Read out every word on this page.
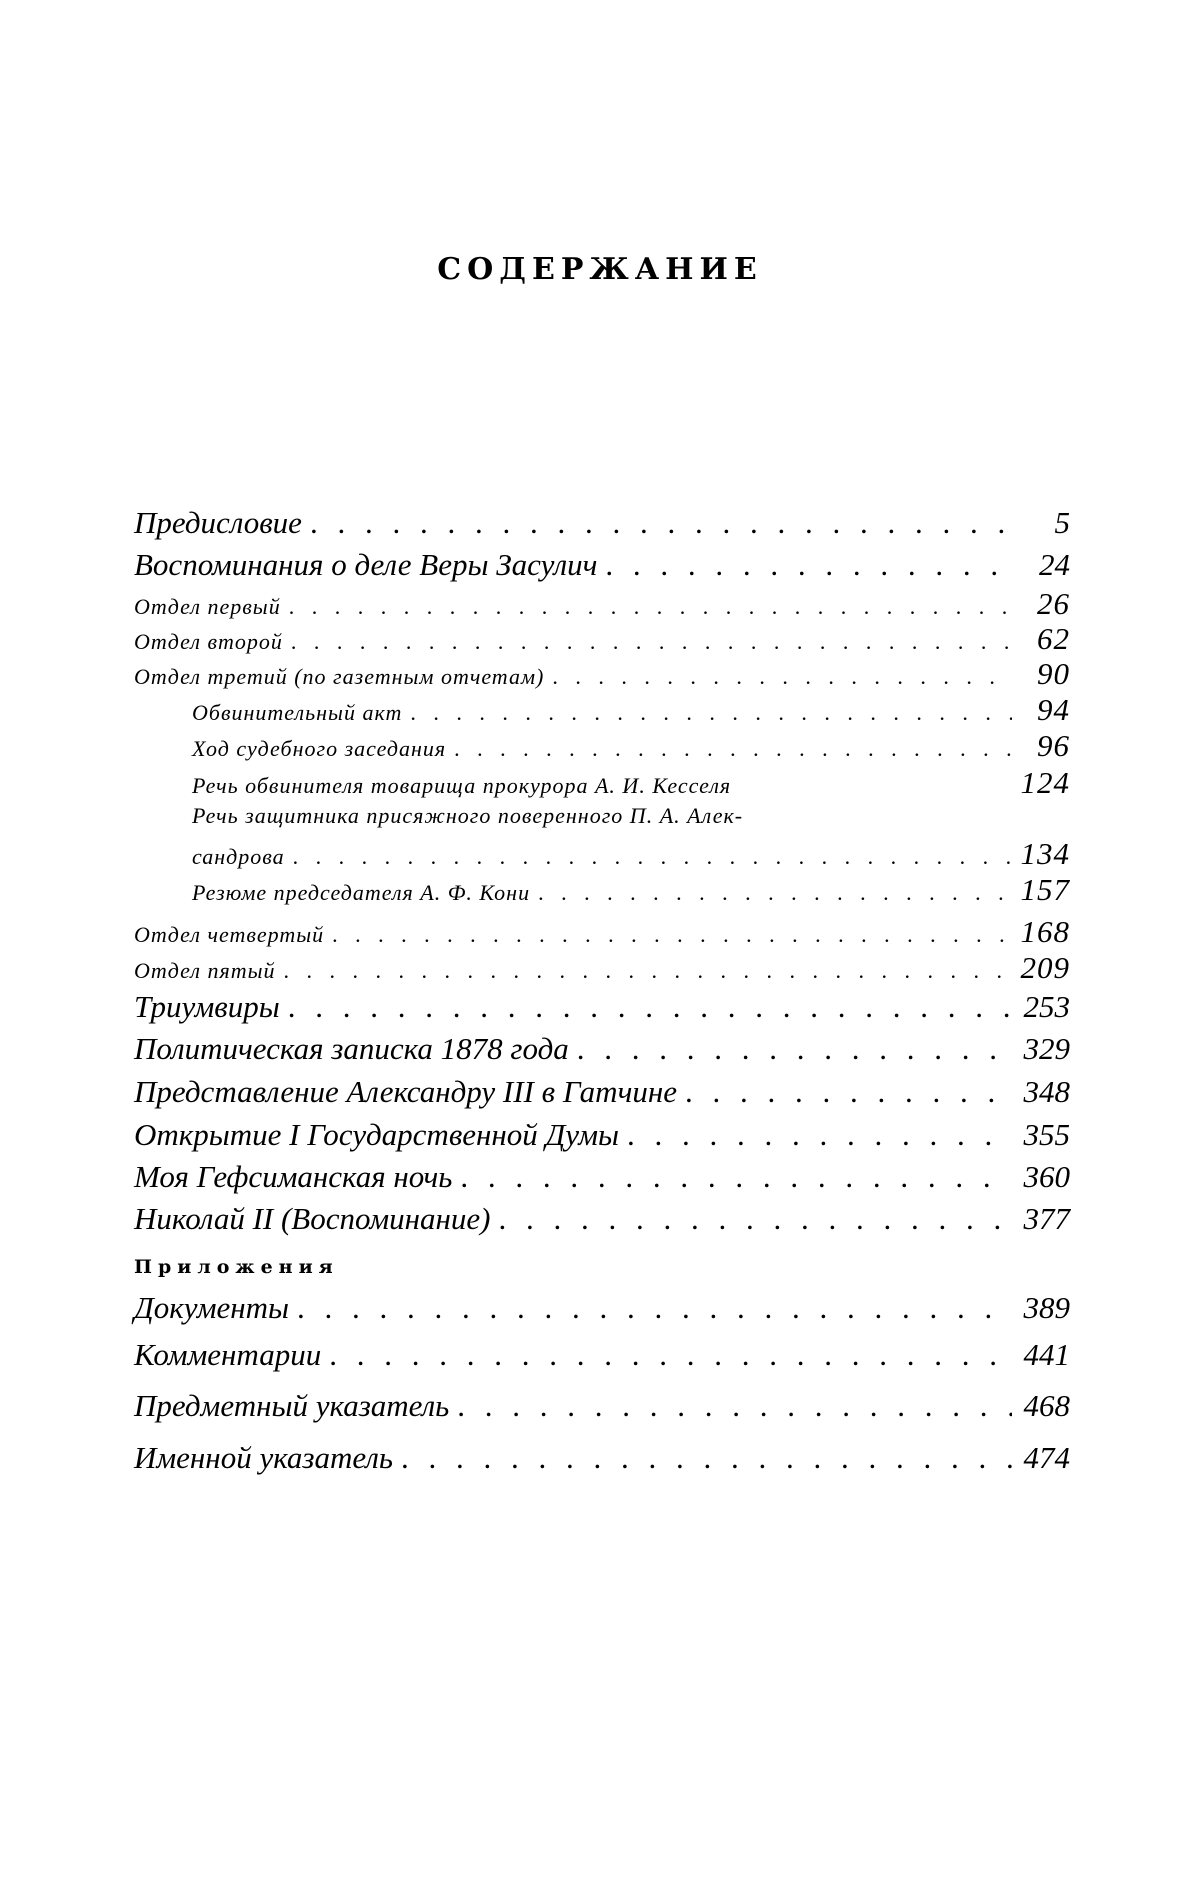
СОДЕРЖАНИЕ
Предисловие . . .	5
Воспоминания о деле Веры Засулич . . .	24
Отдел первый . . .	26
Отдел второй . . .	62
Отдел третий (по газетным отчетам) . . .	90
Обвинительный акт . . .	94
Ход судебного заседания . . .	96
Речь обвинителя товарища прокурора А. И. Кесселя	124
Речь защитника присяжного поверенного П. А. Алек-
сандрова . . .	134
Резюме председателя А. Ф. Кони . . .	157
Отдел четвертый . . .	168
Отдел пятый . . .	209
Триумвиры . . .	253
Политическая записка 1878 года . . .	329
Представление Александру III в Гатчине . . .	348
Открытие I Государственной Думы . . .	355
Моя Гефсиманская ночь . . .	360
Николай II (Воспоминание) . . .	377
Приложения
Документы . . .	389
Комментарии . . .	441
Предметный указатель . . .	468
Именной указатель . . .	474
